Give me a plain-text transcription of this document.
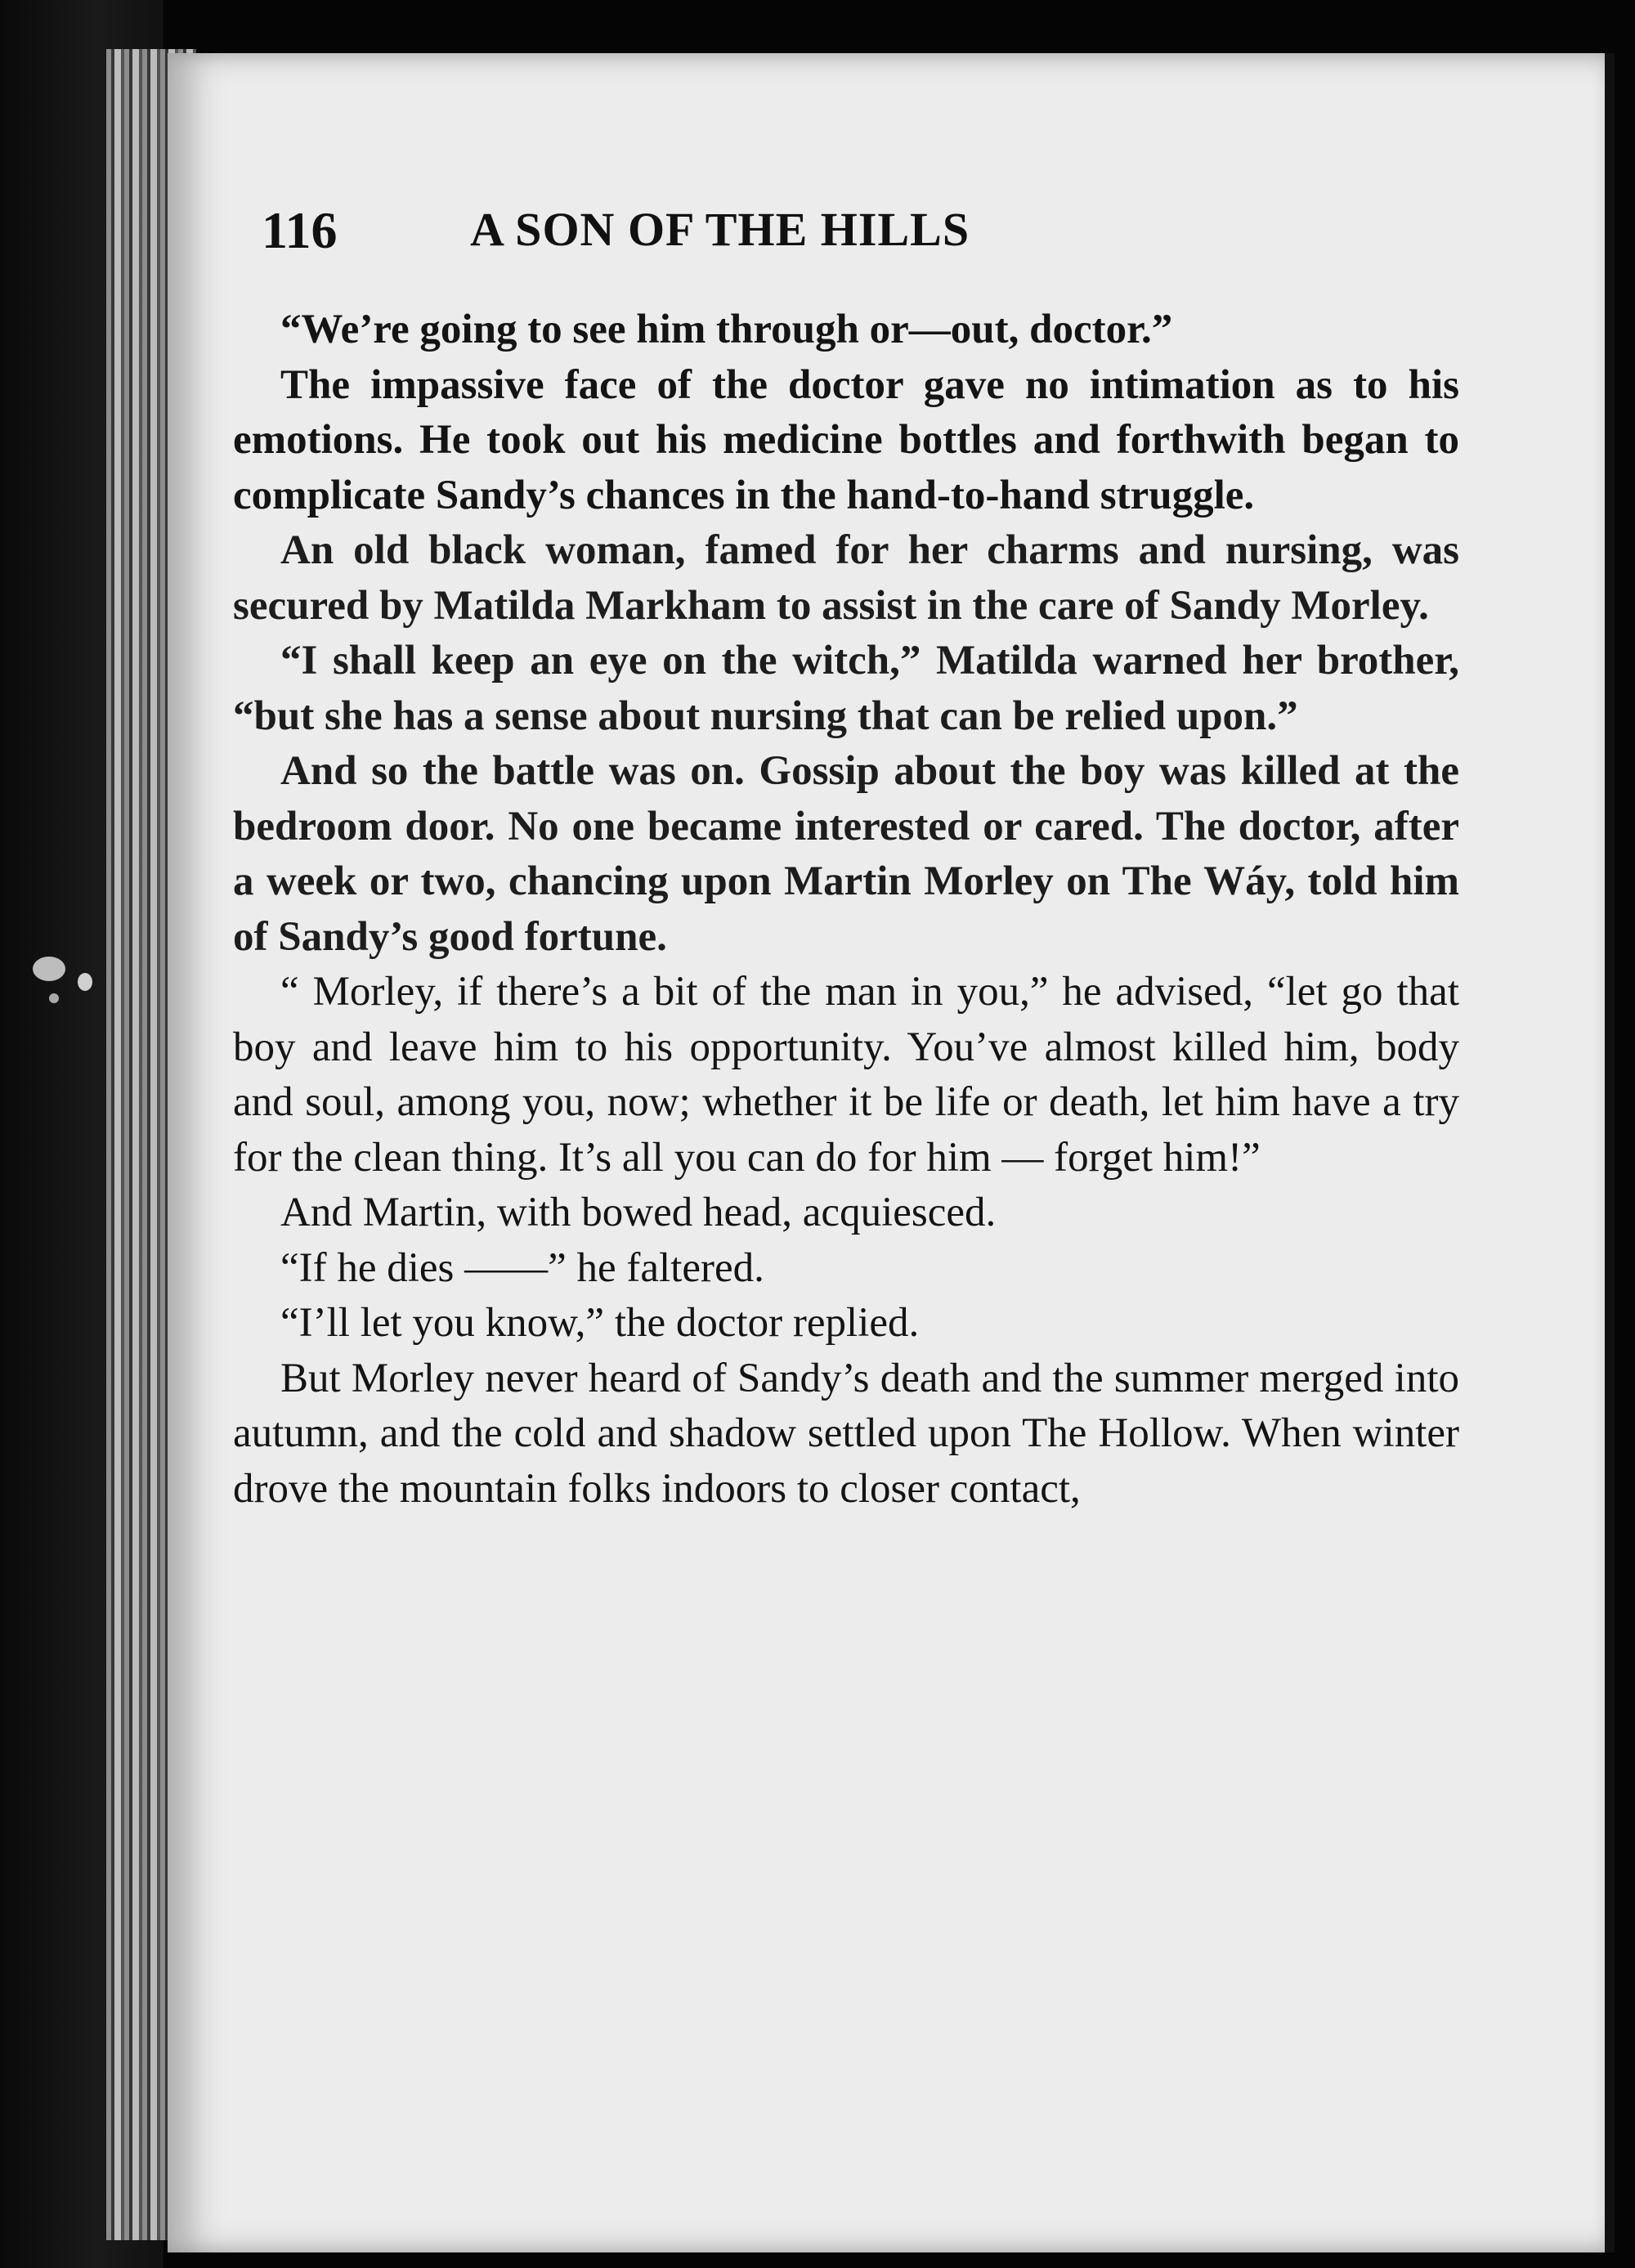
116	A SON OF THE HILLS

“We’re going to see him through or—out, doctor.”

The impassive face of the doctor gave no intimation as to his emotions. He took out his medicine bottles and forthwith began to complicate Sandy’s chances in the hand-to-hand struggle.

An old black woman, famed for her charms and nursing, was secured by Matilda Markham to assist in the care of Sandy Morley.

“I shall keep an eye on the witch,” Matilda warned her brother, “but she has a sense about nursing that can be relied upon.”

And so the battle was on. Gossip about the boy was killed at the bedroom door. No one became interested or cared. The doctor, after a week or two, chancing upon Martin Morley on The Wáy, told him of Sandy’s good fortune.

“ Morley, if there’s a bit of the man in you,” he advised, “let go that boy and leave him to his opportunity. You’ve almost killed him, body and soul, among you, now; whether it be life or death, let him have a try for the clean thing. It’s all you can do for him — forget him!”

And Martin, with bowed head, acquiesced.

“If he dies ——” he faltered.

“I’ll let you know,” the doctor replied.

But Morley never heard of Sandy’s death and the summer merged into autumn, and the cold and shadow settled upon The Hollow. When winter drove the mountain folks indoors to closer contact,
